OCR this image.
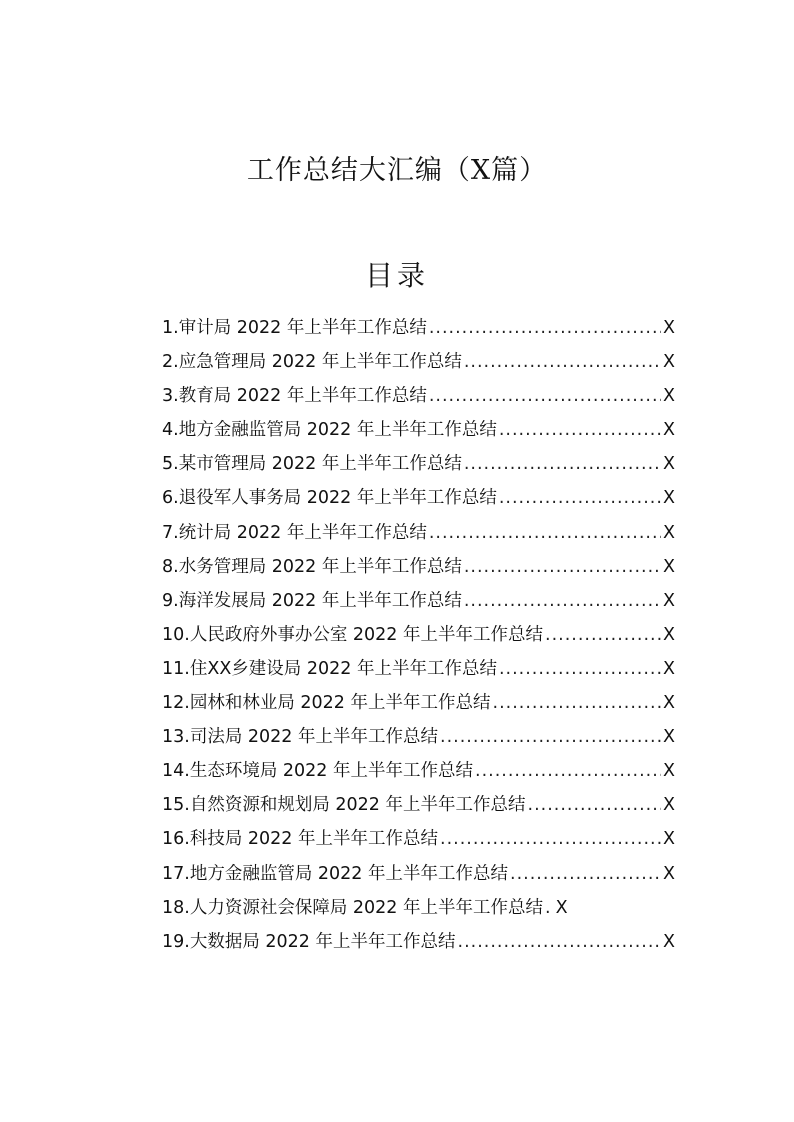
工作总结大汇编（X篇）
目录
1.审计局 2022 年上半年工作总结 .....	X
2.应急管理局 2022 年上半年工作总结 .....	X
3.教育局 2022 年上半年工作总结 .....	X
4.地方金融监管局 2022 年上半年工作总结 .....	X
5.某市管理局 2022 年上半年工作总结 .....	X
6.退役军人事务局 2022 年上半年工作总结 .....	X
7.统计局 2022 年上半年工作总结 .....	X
8.水务管理局 2022 年上半年工作总结 .....	X
9.海洋发展局 2022 年上半年工作总结 .....	X
10.人民政府外事办公室 2022 年上半年工作总结 .....	X
11.住XX乡建设局 2022 年上半年工作总结 .....	X
12.园林和林业局 2022 年上半年工作总结 .....	X
13.司法局 2022 年上半年工作总结 .....	X
14.生态环境局 2022 年上半年工作总结 .....	X
15.自然资源和规划局 2022 年上半年工作总结 .....	X
16.科技局 2022 年上半年工作总结 .....	X
17.地方金融监管局 2022 年上半年工作总结 .....	X
18.人力资源社会保障局 2022 年上半年工作总结 . X
19.大数据局 2022 年上半年工作总结 .....	X
